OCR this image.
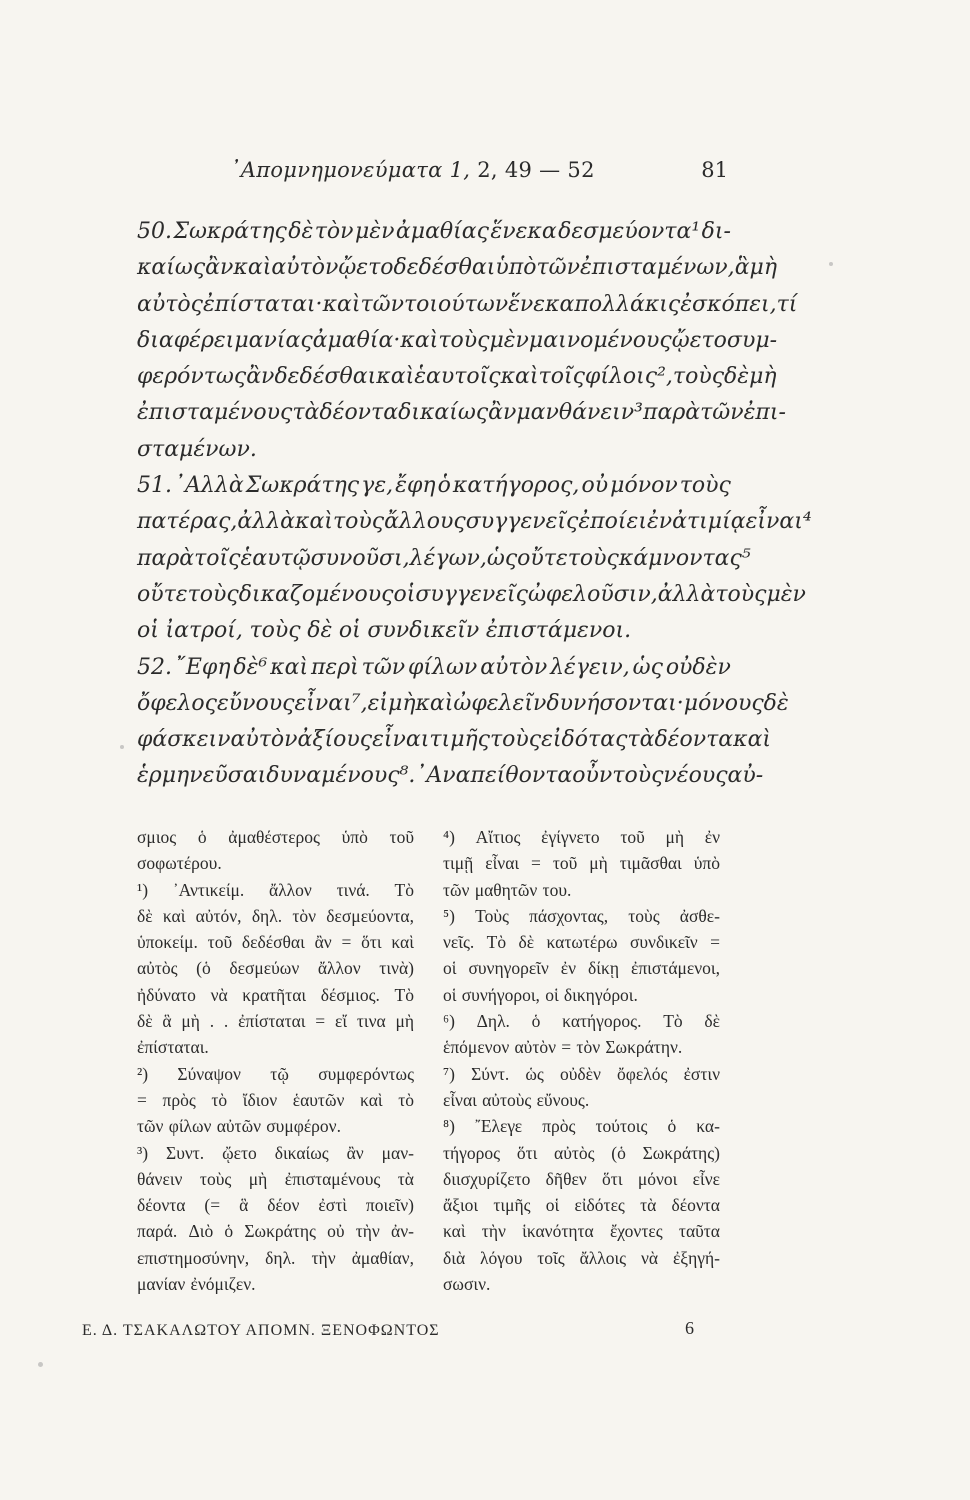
᾿Απομνημονεύματα 1, 2, 49 — 52	81
50. Σωκράτης δὲ τὸν μὲν ἀμαθίας ἕνεκα δεσμεύοντα¹ δι-
καίως ἂν καὶ αὐτὸν ᾤετο δεδέσθαι ὑπὸ τῶν ἐπισταμένων, ἃ μὴ
αὐτὸς ἐπίσταται· καὶ τῶν τοιούτων ἕνεκα πολλάκις ἐσκόπει, τί
διαφέρει μανίας ἀμαθία· καὶ τοὺς μὲν μαινομένους ᾤετο συμ-
φερόντως ἂν δεδέσθαι καὶ ἑαυτοῖς καὶ τοῖς φίλοις², τοὺς δὲ μὴ
ἐπισταμένους τὰ δέοντα δικαίως ἂν μανθάνειν³ παρὰ τῶν ἐπι-
σταμένων.
51. ᾿Αλλὰ Σωκράτης γε, ἔφη ὁ κατήγορος, οὐ μόνον τοὺς
πατέρας, ἀλλὰ καὶ τοὺς ἄλλους συγγενεῖς ἐποίει ἐν ἀτιμίᾳ εἶναι⁴
παρὰ τοῖς ἑαυτῷ συνοῦσι, λέγων, ὡς οὔτε τοὺς κάμνοντας⁵
οὔτε τοὺς δικαζομένους οἱ συγγενεῖς ὠφελοῦσιν, ἀλλὰ τοὺς μὲν
οἱ ἰατροί, τοὺς δὲ οἱ συνδικεῖν ἐπιστάμενοι.
52. ῎Εφη δὲ⁶ καὶ περὶ τῶν φίλων αὐτὸν λέγειν, ὡς οὐδὲν
ὄφελος εὔνους εἶναι⁷, εἰ μὴ καὶ ὠφελεῖν δυνήσονται· μόνους δὲ
φάσκειν αὐτὸν ἀξίους εἶναι τιμῆς τοὺς εἰδότας τὰ δέοντα καὶ
ἑρμηνεῦσαι δυναμένους⁸. ᾿Αναπείθοντα οὖν τοὺς νέους αὐ-
σμιος ὁ ἀμαθέστερος ὑπὸ τοῦ
σοφωτέρου.
¹) ᾿Αντικείμ. ἄλλον τινά. Τὸ
δὲ καὶ αὐτόν, δηλ. τὸν δεσμεύοντα,
ὑποκείμ. τοῦ δεδέσθαι ἂν = ὅτι καὶ
αὐτὸς (ὁ δεσμεύων ἄλλον τινὰ)
ἠδύνατο νὰ κρατῆται δέσμιος. Τὸ
δὲ ἃ μὴ . . ἐπίσταται = εἴ τινα μὴ
ἐπίσταται.
²) Σύναψον τῷ συμφερόντως
= πρὸς τὸ ἴδιον ἑαυτῶν καὶ τὸ
τῶν φίλων αὐτῶν συμφέρον.
³) Συντ. ᾤετο δικαίως ἂν μαν-
θάνειν τοὺς μὴ ἐπισταμένους τὰ
δέοντα (= ἃ δέον ἐστὶ ποιεῖν)
παρά. Διὸ ὁ Σωκράτης οὐ τὴν ἀν-
επιστημοσύνην, δηλ. τὴν ἀμαθίαν,
μανίαν ἐνόμιζεν.
⁴) Αἴτιος ἐγίγνετο τοῦ μὴ ἐν
τιμῇ εἶναι = τοῦ μὴ τιμᾶσθαι ὑπὸ
τῶν μαθητῶν του.
⁵) Τοὺς πάσχοντας, τοὺς ἀσθε-
νεῖς. Τὸ δὲ κατωτέρω συνδικεῖν =
οἱ συνηγορεῖν ἐν δίκῃ ἐπιστάμενοι,
οἱ συνήγοροι, οἱ δικηγόροι.
⁶) Δηλ. ὁ κατήγορος. Τὸ δὲ
ἑπόμενον αὐτὸν = τὸν Σωκράτην.
⁷) Σύντ. ὡς οὐδὲν ὄφελός ἐστιν
εἶναι αὐτοὺς εὔνους.
⁸) ῎Ελεγε πρὸς τούτοις ὁ κα-
τήγορος ὅτι αὐτὸς (ὁ Σωκράτης)
διισχυρίζετο δῆθεν ὅτι μόνοι εἶνε
ἄξιοι τιμῆς οἱ εἰδότες τὰ δέοντα
καὶ τὴν ἱκανότητα ἔχοντες ταῦτα
διὰ λόγου τοῖς ἄλλοις νὰ ἐξηγή-
σωσιν.
Ε. Δ. ΤΣΑΚΑΛΩΤΟΥ ΑΠΟΜΝ. ΞΕΝΟΦΩΝΤΟΣ	6
